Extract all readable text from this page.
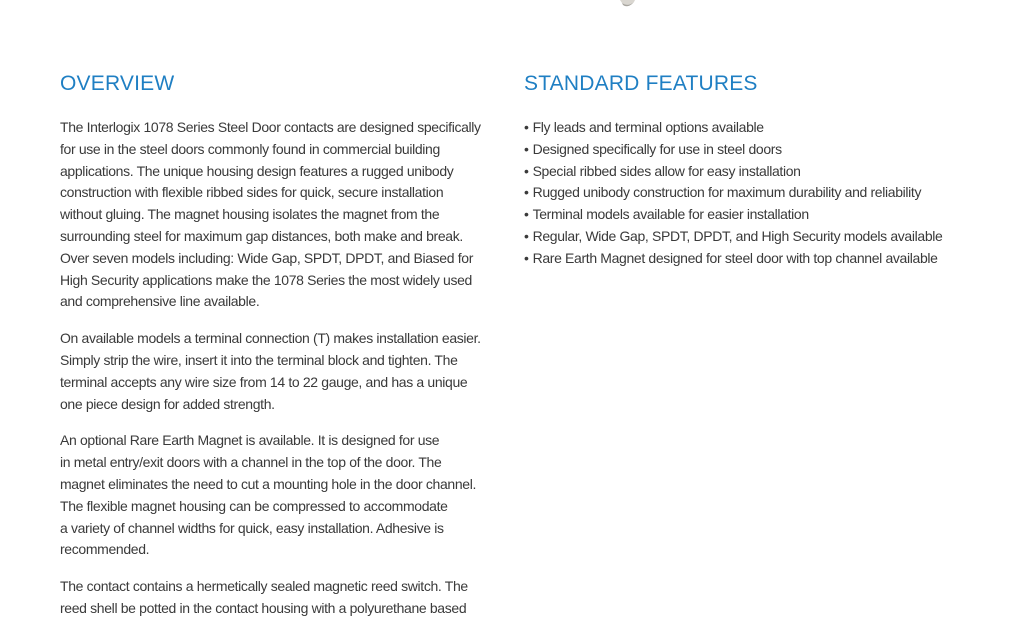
OVERVIEW

The Interlogix 1078 Series Steel Door contacts are designed specifically
for use in the steel doors commonly found in commercial building
applications. The unique housing design features a rugged unibody
construction with flexible ribbed sides for quick, secure installation
without gluing. The magnet housing isolates the magnet from the
surrounding steel for maximum gap distances, both make and break.
Over seven models including: Wide Gap, SPDT, DPDT, and Biased for
High Security applications make the 1078 Series the most widely used
and comprehensive line available.

On available models a terminal connection (T) makes installation easier.
Simply strip the wire, insert it into the terminal block and tighten. The
terminal accepts any wire size from 14 to 22 gauge, and has a unique
one piece design for added strength.

An optional Rare Earth Magnet is available. It is designed for use
in metal entry/exit doors with a channel in the top of the door. The
magnet eliminates the need to cut a mounting hole in the door channel.
The flexible magnet housing can be compressed to accommodate
a variety of channel widths for quick, easy installation. Adhesive is
recommended.

The contact contains a hermetically sealed magnetic reed switch. The
reed shell be potted in the contact housing with a polyurethane based

STANDARD FEATURES
• Fly leads and terminal options available
• Designed specifically for use in steel doors
• Special ribbed sides allow for easy installation
• Rugged unibody construction for maximum durability and reliability
• Terminal models available for easier installation
• Regular, Wide Gap, SPDT, DPDT, and High Security models available
• Rare Earth Magnet designed for steel door with top channel available
